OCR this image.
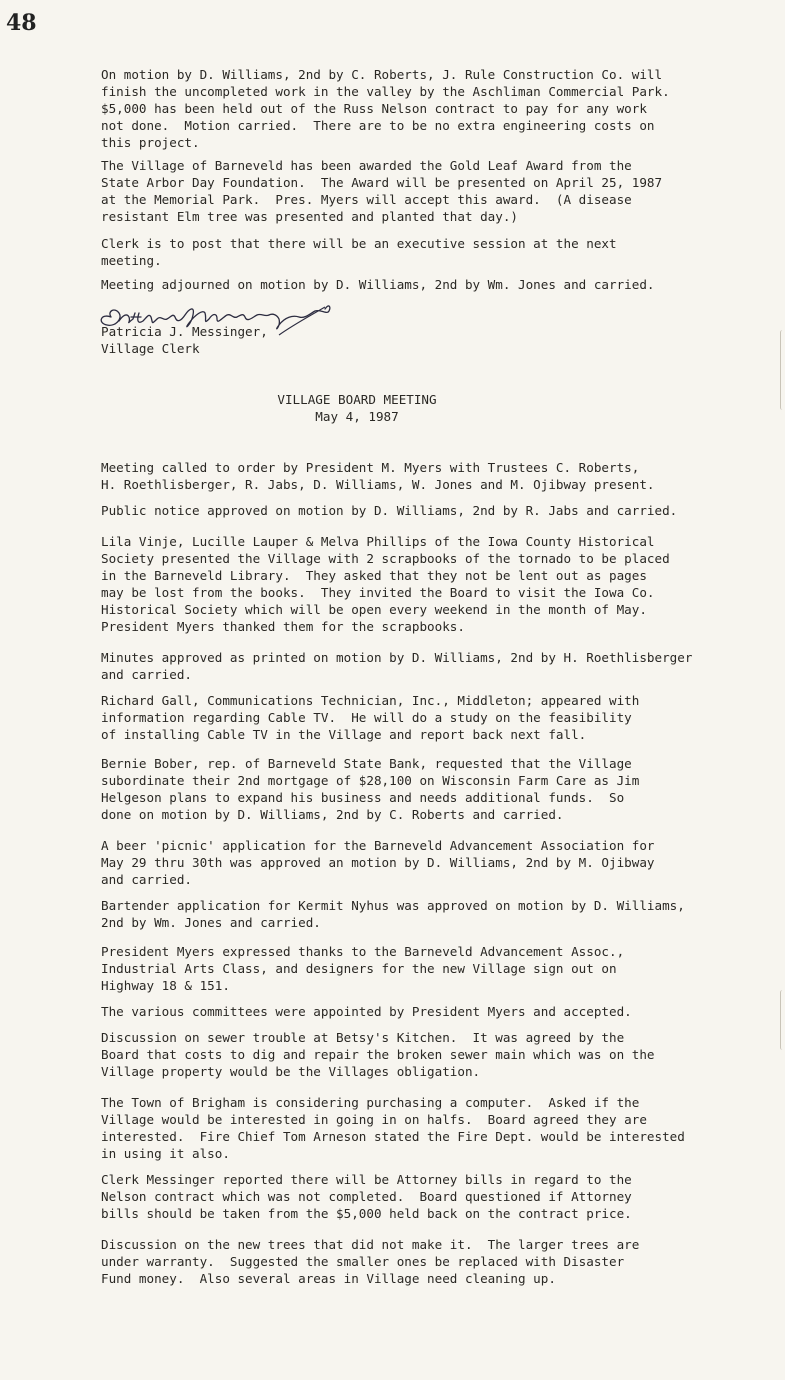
48

On motion by D. Williams, 2nd by C. Roberts, J. Rule Construction Co. will
finish the uncompleted work in the valley by the Aschliman Commercial Park.
$5,000 has been held out of the Russ Nelson contract to pay for any work
not done.  Motion carried.  There are to be no extra engineering costs on
this project.

The Village of Barneveld has been awarded the Gold Leaf Award from the
State Arbor Day Foundation.  The Award will be presented on April 25, 1987
at the Memorial Park.  Pres. Myers will accept this award.  (A disease
resistant Elm tree was presented and planted that day.)

Clerk is to post that there will be an executive session at the next
meeting.

Meeting adjourned on motion by D. Williams, 2nd by Wm. Jones and carried.

Patricia J. Messinger,

Village Clerk

VILLAGE BOARD MEETING

May 4, 1987

Meeting called to order by President M. Myers with Trustees C. Roberts,
H. Roethlisberger, R. Jabs, D. Williams, W. Jones and M. Ojibway present.

Public notice approved on motion by D. Williams, 2nd by R. Jabs and carried.

Lila Vinje, Lucille Lauper & Melva Phillips of the Iowa County Historical
Society presented the Village with 2 scrapbooks of the tornado to be placed
in the Barneveld Library.  They asked that they not be lent out as pages
may be lost from the books.  They invited the Board to visit the Iowa Co.
Historical Society which will be open every weekend in the month of May.
President Myers thanked them for the scrapbooks.

Minutes approved as printed on motion by D. Williams, 2nd by H. Roethlisberger
and carried.

Richard Gall, Communications Technician, Inc., Middleton; appeared with
information regarding Cable TV.  He will do a study on the feasibility
of installing Cable TV in the Village and report back next fall.

Bernie Bober, rep. of Barneveld State Bank, requested that the Village
subordinate their 2nd mortgage of $28,100 on Wisconsin Farm Care as Jim
Helgeson plans to expand his business and needs additional funds.  So
done on motion by D. Williams, 2nd by C. Roberts and carried.

A beer 'picnic' application for the Barneveld Advancement Association for
May 29 thru 30th was approved an motion by D. Williams, 2nd by M. Ojibway
and carried.

Bartender application for Kermit Nyhus was approved on motion by D. Williams,
2nd by Wm. Jones and carried.

President Myers expressed thanks to the Barneveld Advancement Assoc.,
Industrial Arts Class, and designers for the new Village sign out on
Highway 18 & 151.

The various committees were appointed by President Myers and accepted.

Discussion on sewer trouble at Betsy's Kitchen.  It was agreed by the
Board that costs to dig and repair the broken sewer main which was on the
Village property would be the Villages obligation.

The Town of Brigham is considering purchasing a computer.  Asked if the
Village would be interested in going in on halfs.  Board agreed they are
interested.  Fire Chief Tom Arneson stated the Fire Dept. would be interested
in using it also.

Clerk Messinger reported there will be Attorney bills in regard to the
Nelson contract which was not completed.  Board questioned if Attorney
bills should be taken from the $5,000 held back on the contract price.

Discussion on the new trees that did not make it.  The larger trees are
under warranty.  Suggested the smaller ones be replaced with Disaster
Fund money.  Also several areas in Village need cleaning up.
